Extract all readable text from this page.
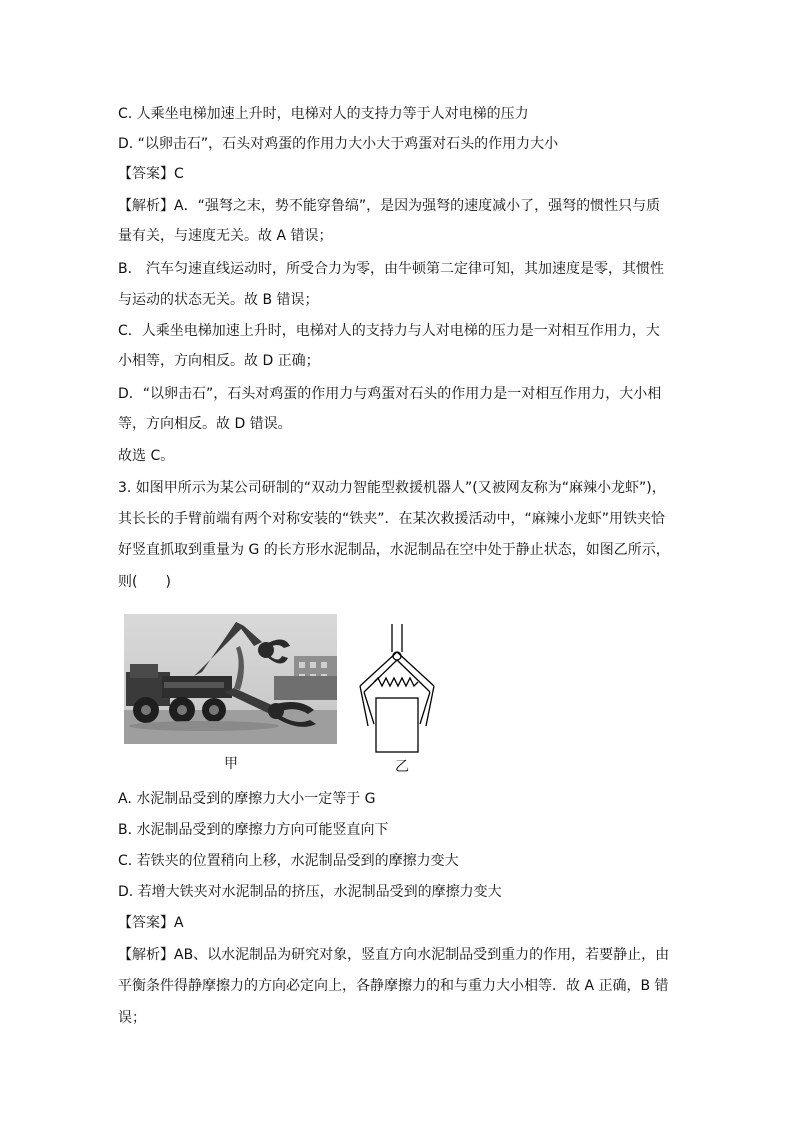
C. 人乘坐电梯加速上升时，电梯对人的支持力等于人对电梯的压力
D. “以卵击石”，石头对鸡蛋的作用力大小大于鸡蛋对石头的作用力大小
【答案】C
【解析】A．“强弩之末，势不能穿鲁缟”，是因为强弩的速度减小了，强弩的惯性只与质
量有关，与速度无关。故 A 错误；
B． 汽车匀速直线运动时，所受合力为零，由牛顿第二定律可知，其加速度是零，其惯性
与运动的状态无关。故 B 错误；
C．人乘坐电梯加速上升时，电梯对人的支持力与人对电梯的压力是一对相互作用力，大
小相等，方向相反。故 D 正确；
D．“以卵击石”，石头对鸡蛋的作用力与鸡蛋对石头的作用力是一对相互作用力，大小相
等，方向相反。故 D 错误。
故选 C。
3. 如图甲所示为某公司研制的“双动力智能型救援机器人”(又被网友称为“麻辣小龙虾”)，
其长长的手臂前端有两个对称安装的“铁夹”．在某次救援活动中，“麻辣小龙虾”用铁夹恰
好竖直抓取到重量为 G 的长方形水泥制品，水泥制品在空中处于静止状态，如图乙所示，
则(　　)
甲	乙
A. 水泥制品受到的摩擦力大小一定等于 G
B. 水泥制品受到的摩擦力方向可能竖直向下
C. 若铁夹的位置稍向上移，水泥制品受到的摩擦力变大
D. 若增大铁夹对水泥制品的挤压，水泥制品受到的摩擦力变大
【答案】A
【解析】AB、以水泥制品为研究对象，竖直方向水泥制品受到重力的作用，若要静止，由
平衡条件得静摩擦力的方向必定向上，各静摩擦力的和与重力大小相等．故 A 正确，B 错
误；
